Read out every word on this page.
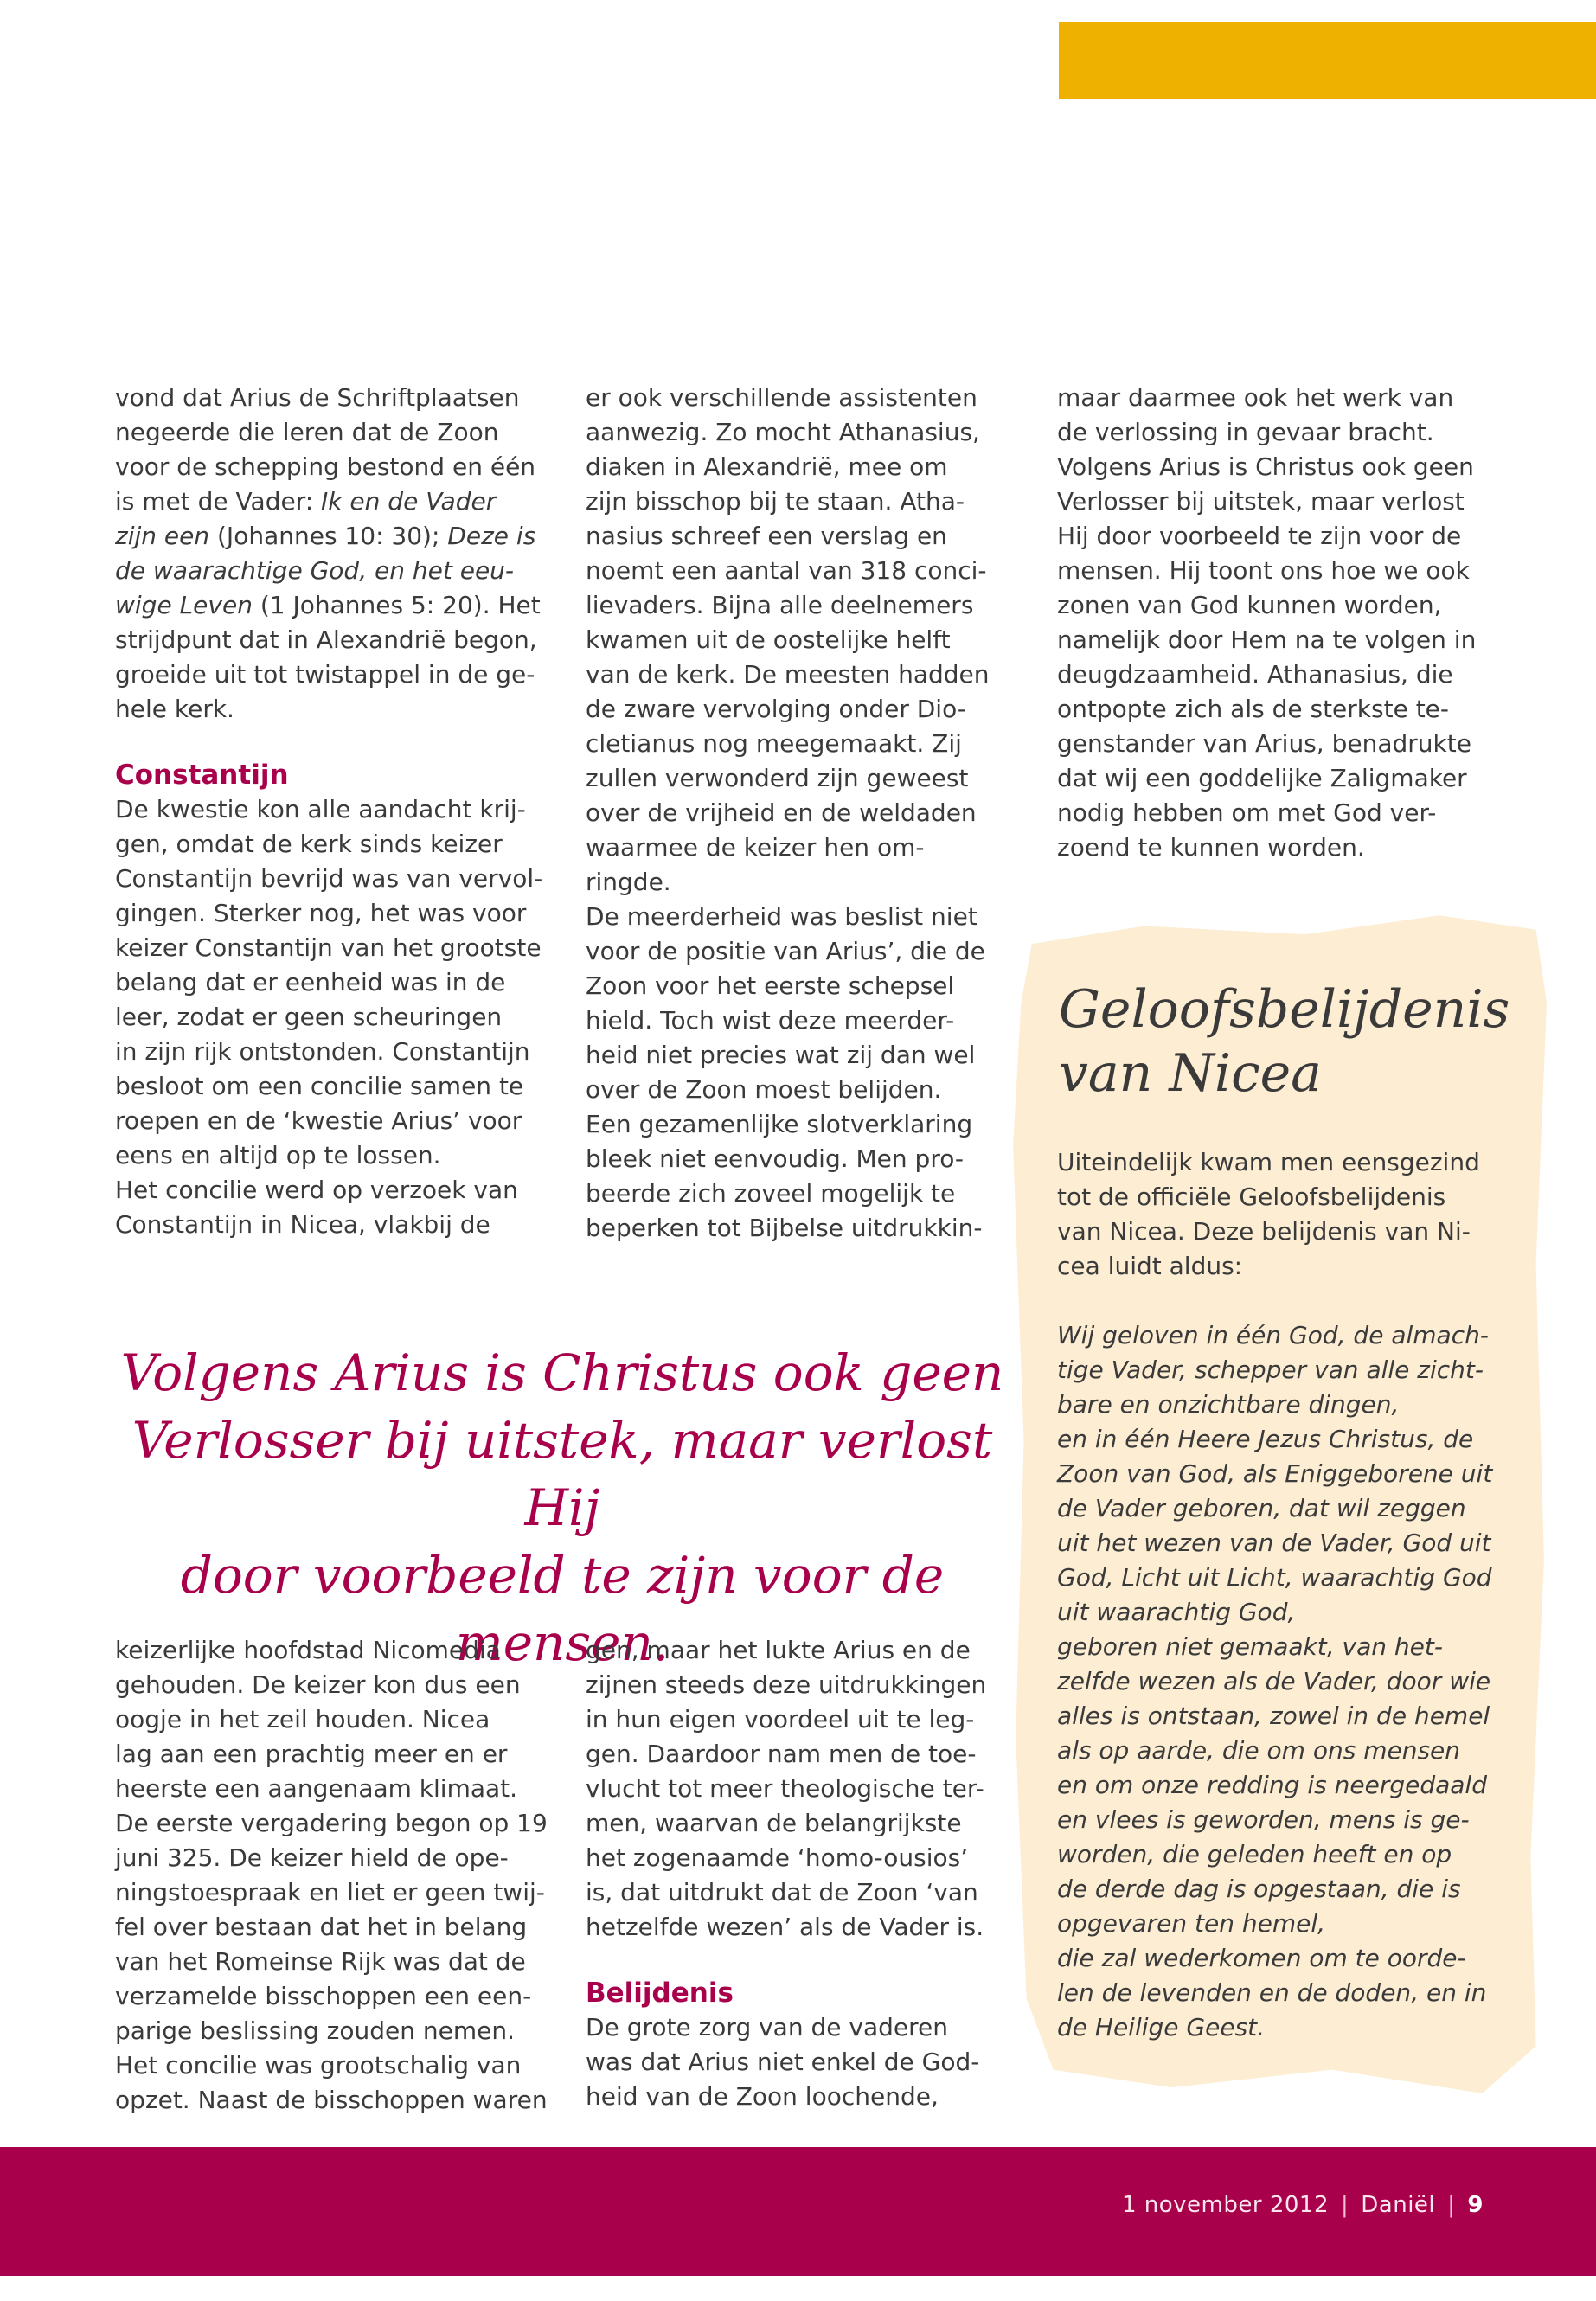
vond dat Arius de Schriftplaatsen
negeerde die leren dat de Zoon
voor de schepping bestond en één
is met de Vader: Ik en de Vader
zijn een (Johannes 10: 30); Deze is
de waarachtige God, en het eeu-
wige Leven (1 Johannes 5: 20). Het
strijdpunt dat in Alexandrië begon,
groeide uit tot twistappel in de ge-
hele kerk.
Constantijn
De kwestie kon alle aandacht krij-
gen, omdat de kerk sinds keizer
Constantijn bevrijd was van vervol-
gingen. Sterker nog, het was voor
keizer Constantijn van het grootste
belang dat er eenheid was in de
leer, zodat er geen scheuringen
in zijn rijk ontstonden. Constantijn
besloot om een concilie samen te
roepen en de ‘kwestie Arius’ voor
eens en altijd op te lossen.
Het concilie werd op verzoek van
Constantijn in Nicea, vlakbij de
er ook verschillende assistenten
aanwezig. Zo mocht Athanasius,
diaken in Alexandrië, mee om
zijn bisschop bij te staan. Atha-
nasius schreef een verslag en
noemt een aantal van 318 conci-
lievaders. Bijna alle deelnemers
kwamen uit de oostelijke helft
van de kerk. De meesten hadden
de zware vervolging onder Dio-
cletianus nog meegemaakt. Zij
zullen verwonderd zijn geweest
over de vrijheid en de weldaden
waarmee de keizer hen om-
ringde.
De meerderheid was beslist niet
voor de positie van Arius’, die de
Zoon voor het eerste schepsel
hield. Toch wist deze meerder-
heid niet precies wat zij dan wel
over de Zoon moest belijden.
Een gezamenlijke slotverklaring
bleek niet eenvoudig. Men pro-
beerde zich zoveel mogelijk te
beperken tot Bijbelse uitdrukkin-
maar daarmee ook het werk van
de verlossing in gevaar bracht.
Volgens Arius is Christus ook geen
Verlosser bij uitstek, maar verlost
Hij door voorbeeld te zijn voor de
mensen. Hij toont ons hoe we ook
zonen van God kunnen worden,
namelijk door Hem na te volgen in
deugdzaamheid. Athanasius, die
ontpopte zich als de sterkste te-
genstander van Arius, benadrukte
dat wij een goddelijke Zaligmaker
nodig hebben om met God ver-
zoend te kunnen worden.
Geloofsbelijdenis
van Nicea
Uiteindelijk kwam men eensgezind
tot de officiële Geloofsbelijdenis
van Nicea. Deze belijdenis van Ni-
cea luidt aldus:
Wij geloven in één God, de almach-
tige Vader, schepper van alle zicht-
bare en onzichtbare dingen,
en in één Heere Jezus Christus, de
Zoon van God, als Eniggeborene uit
de Vader geboren, dat wil zeggen
uit het wezen van de Vader, God uit
God, Licht uit Licht, waarachtig God
uit waarachtig God,
geboren niet gemaakt, van het-
zelfde wezen als de Vader, door wie
alles is ontstaan, zowel in de hemel
als op aarde, die om ons mensen
en om onze redding is neergedaald
en vlees is geworden, mens is ge-
worden, die geleden heeft en op
de derde dag is opgestaan, die is
opgevaren ten hemel,
die zal wederkomen om te oorde-
len de levenden en de doden, en in
de Heilige Geest.
Volgens Arius is Christus ook geen
Verlosser bij uitstek, maar verlost Hij
door voorbeeld te zijn voor de mensen.
keizerlijke hoofdstad Nicomedia
gehouden. De keizer kon dus een
oogje in het zeil houden. Nicea
lag aan een prachtig meer en er
heerste een aangenaam klimaat.
De eerste vergadering begon op 19
juni 325. De keizer hield de ope-
ningstoespraak en liet er geen twij-
fel over bestaan dat het in belang
van het Romeinse Rijk was dat de
verzamelde bisschoppen een een-
parige beslissing zouden nemen.
Het concilie was grootschalig van
opzet. Naast de bisschoppen waren
gen, maar het lukte Arius en de
zijnen steeds deze uitdrukkingen
in hun eigen voordeel uit te leg-
gen. Daardoor nam men de toe-
vlucht tot meer theologische ter-
men, waarvan de belangrijkste
het zogenaamde ‘homo-ousios’
is, dat uitdrukt dat de Zoon ‘van
hetzelfde wezen’ als de Vader is.
Belijdenis
De grote zorg van de vaderen
was dat Arius niet enkel de God-
heid van de Zoon loochende,
1 november 2012 | Daniël | 9
